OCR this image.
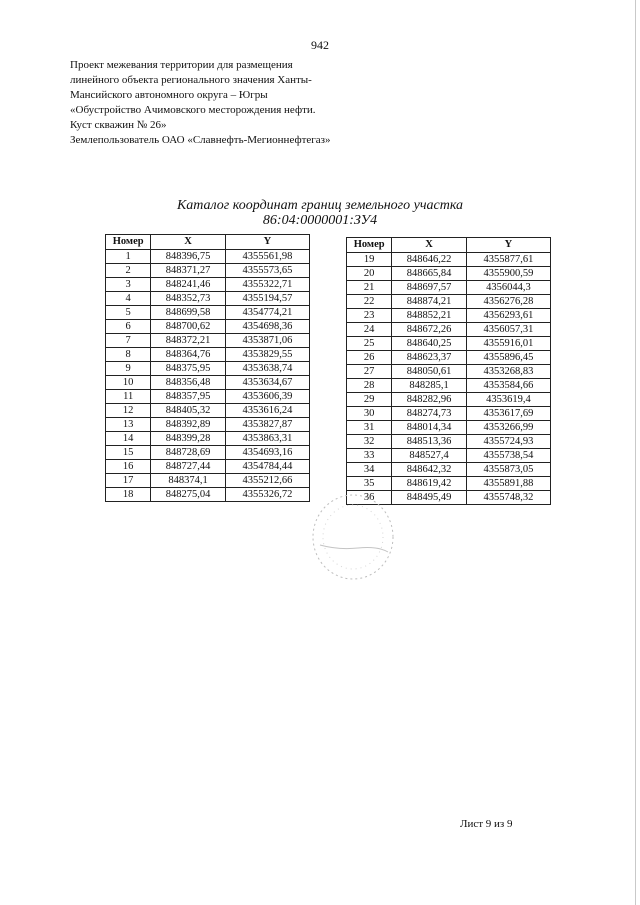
942
Проект межевания территории для размещения
линейного объекта регионального значения Ханты-
Мансийского автономного округа – Югры
«Обустройство Ачимовского месторождения нефти.
Куст скважин № 26»
Землепользователь ОАО «Славнефть-Мегионнефтегаз»
Каталог координат границ земельного участка
86:04:0000001:ЗУ4
Номер	X	Y
1	848396,75	4355561,98
2	848371,27	4355573,65
3	848241,46	4355322,71
4	848352,73	4355194,57
5	848699,58	4354774,21
6	848700,62	4354698,36
7	848372,21	4353871,06
8	848364,76	4353829,55
9	848375,95	4353638,74
10	848356,48	4353634,67
11	848357,95	4353606,39
12	848405,32	4353616,24
13	848392,89	4353827,87
14	848399,28	4353863,31
15	848728,69	4354693,16
16	848727,44	4354784,44
17	848374,1	4355212,66
18	848275,04	4355326,72
Номер	X	Y
19	848646,22	4355877,61
20	848665,84	4355900,59
21	848697,57	4356044,3
22	848874,21	4356276,28
23	848852,21	4356293,61
24	848672,26	4356057,31
25	848640,25	4355916,01
26	848623,37	4355896,45
27	848050,61	4353268,83
28	848285,1	4353584,66
29	848282,96	4353619,4
30	848274,73	4353617,69
31	848014,34	4353266,99
32	848513,36	4355724,93
33	848527,4	4355738,54
34	848642,32	4355873,05
35	848619,42	4355891,88
36	848495,49	4355748,32
Лист 9 из 9
